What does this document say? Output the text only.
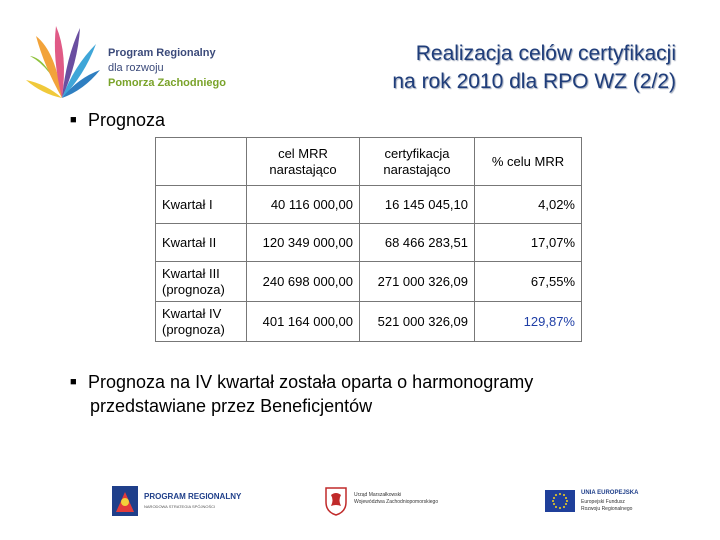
Program Regionalny
dla rozwoju
Pomorza Zachodniego
Realizacja celów certyfikacji
na rok 2010 dla RPO WZ (2/2)
■ Prognoza
	cel MRR narastająco	certyfikacja narastająco	% celu MRR
Kwartał I	40 116 000,00	16 145 045,10	4,02%
Kwartał II	120 349 000,00	68 466 283,51	17,07%
Kwartał III
(prognoza)	240 698 000,00	271 000 326,09	67,55%
Kwartał IV
(prognoza)	401 164 000,00	521 000 326,09	129,87%
■ Prognoza na IV kwartał została oparta o harmonogramy
przedstawiane przez Beneficjentów
PROGRAM REGIONALNY
NARODOWA STRATEGIA SPÓJNOŚCI
Urząd Marszałkowski
Województwa Zachodniopomorskiego
UNIA EUROPEJSKA
Europejski Fundusz
Rozwoju Regionalnego
